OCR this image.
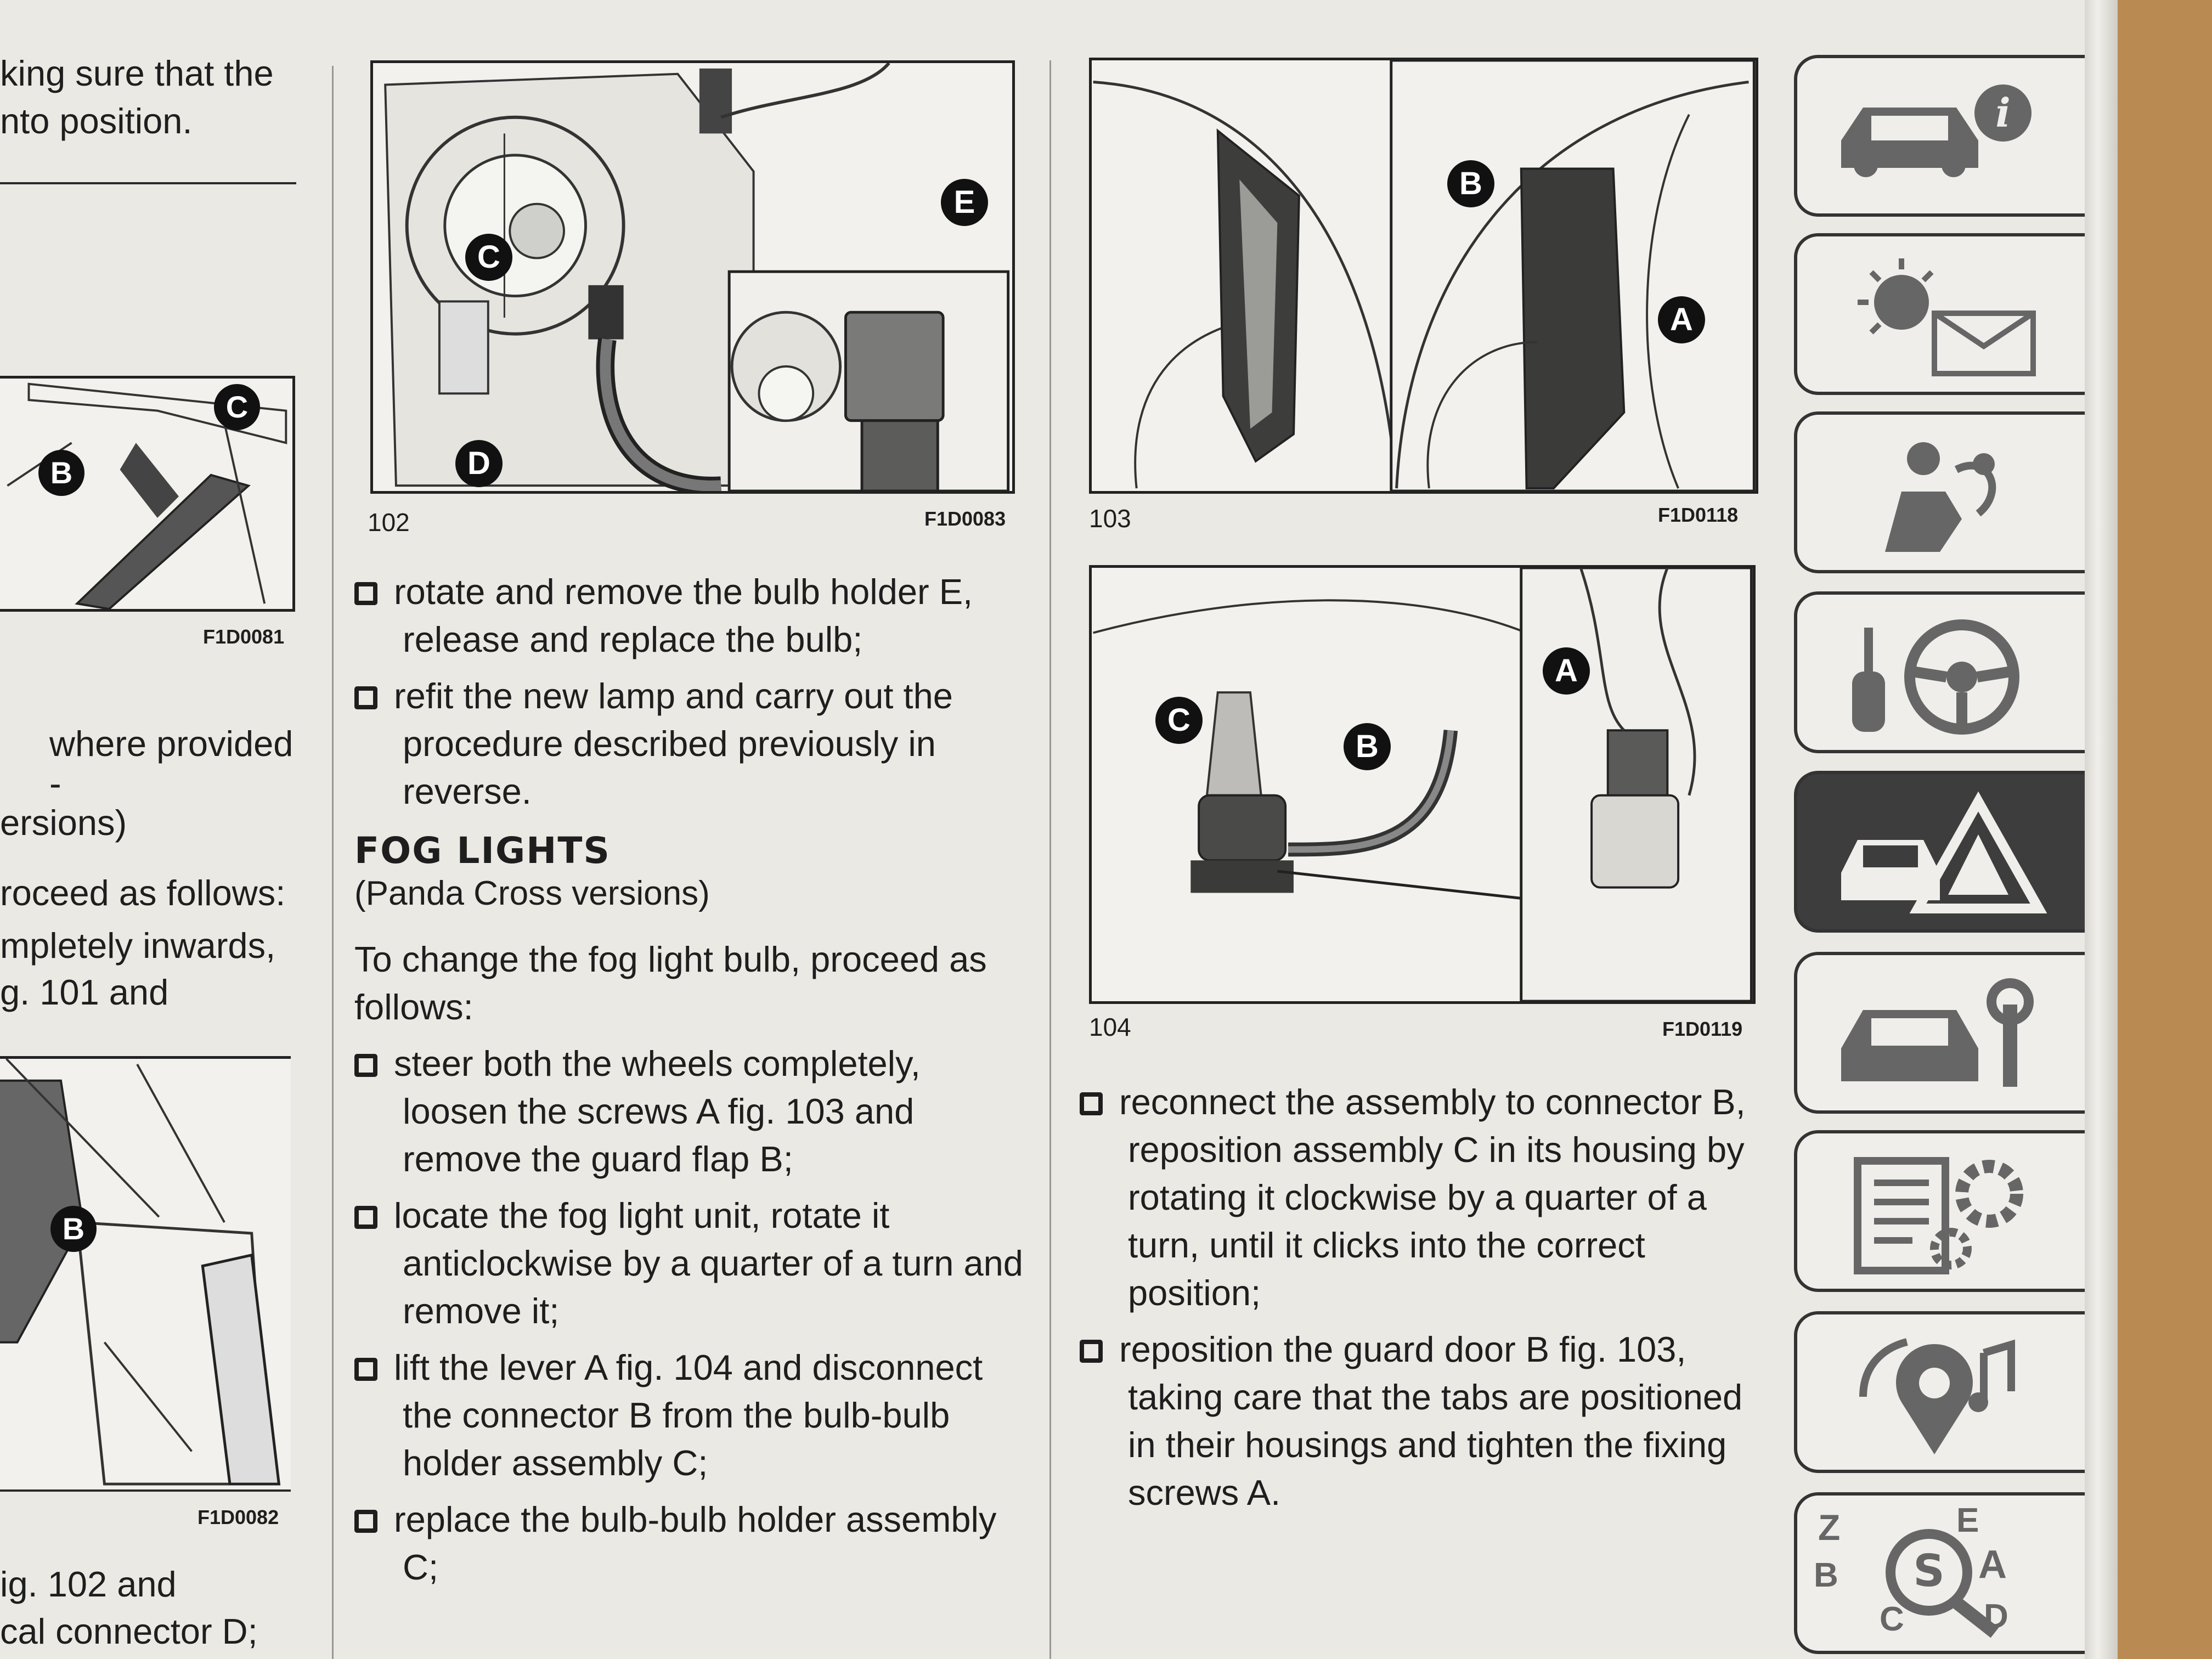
king sure that the
nto position.
C
B
F1D0081
where provided -
ersions)
roceed as follows:
mpletely inwards,
g. 101 and
B
F1D0082
ig. 102 and
cal connector D;
C
D
E
102	F1D0083
rotate and remove the bulb holder E, release and replace the bulb;
refit the new lamp and carry out the procedure described previously in reverse.
FOG LIGHTS
(Panda Cross versions)
To change the fog light bulb, proceed as follows:
steer both the wheels completely, loosen the screws A fig. 103 and remove the guard flap B;
locate the fog light unit, rotate it anticlockwise by a quarter of a turn and remove it;
lift the lever A fig. 104 and disconnect the connector B from the bulb-bulb holder assembly C;
replace the bulb-bulb holder assembly C;
B
A
103	F1D0118
C
B
A
104	F1D0119
reconnect the assembly to connector B, reposition assembly C in its housing by rotating it clockwise by a quarter of a turn, until it clicks into the correct position;
reposition the guard door B fig. 103, taking care that the tabs are positioned in their housings and tighten the fixing screws A.
i
S
Z	E
B	A
C D
